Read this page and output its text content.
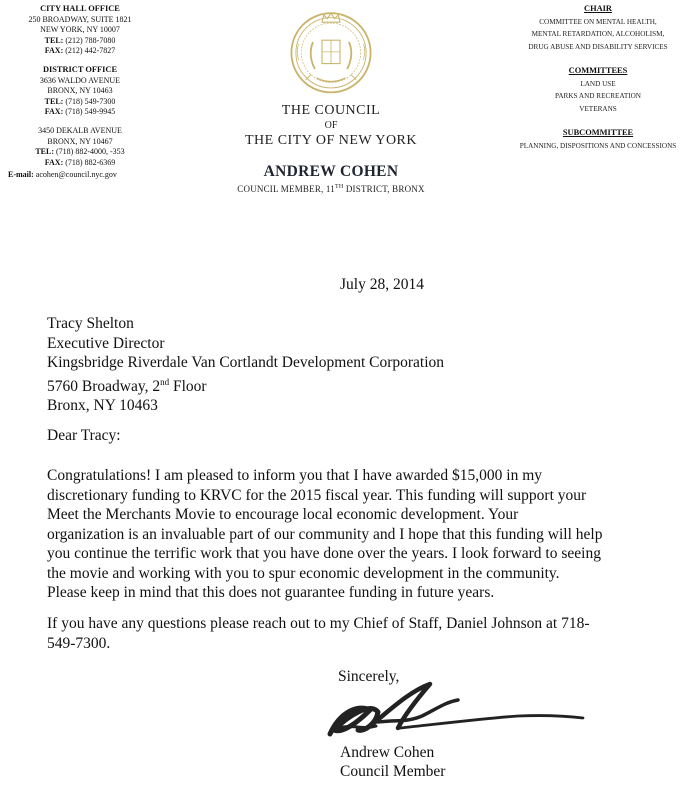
CITY HALL OFFICE
250 BROADWAY, SUITE 1821
NEW YORK, NY 10007
TEL: (212) 788-7080
FAX: (212) 442-7827
DISTRICT OFFICE
3636 WALDO AVENUE
BRONX, NY 10463
TEL: (718) 549-7300
FAX: (718) 549-9945
3450 DEKALB AVENUE
BRONX, NY 10467
TEL: (718) 882-4000, -353
FAX: (718) 882-6369
E-mail: acohen@council.nyc.gov
THE COUNCIL
OF
THE CITY OF NEW YORK
ANDREW COHEN
COUNCIL MEMBER, 11TH DISTRICT, BRONX
CHAIR
COMMITTEE ON MENTAL HEALTH,
MENTAL RETARDATION, ALCOHOLISM,
DRUG ABUSE AND DISABILITY SERVICES
COMMITTEES
LAND USE
PARKS AND RECREATION
VETERANS
SUBCOMMITTEE
PLANNING, DISPOSITIONS AND CONCESSIONS
July 28, 2014
Tracy Shelton
Executive Director
Kingsbridge Riverdale Van Cortlandt Development Corporation
5760 Broadway, 2nd Floor
Bronx, NY 10463
Dear Tracy:
Congratulations! I am pleased to inform you that I have awarded $15,000 in my
discretionary funding to KRVC for the 2015 fiscal year. This funding will support your
Meet the Merchants Movie to encourage local economic development. Your
organization is an invaluable part of our community and I hope that this funding will help
you continue the terrific work that you have done over the years. I look forward to seeing
the movie and working with you to spur economic development in the community.
Please keep in mind that this does not guarantee funding in future years.
If you have any questions please reach out to my Chief of Staff, Daniel Johnson at 718-
549-7300.
Sincerely,
Andrew Cohen
Council Member
